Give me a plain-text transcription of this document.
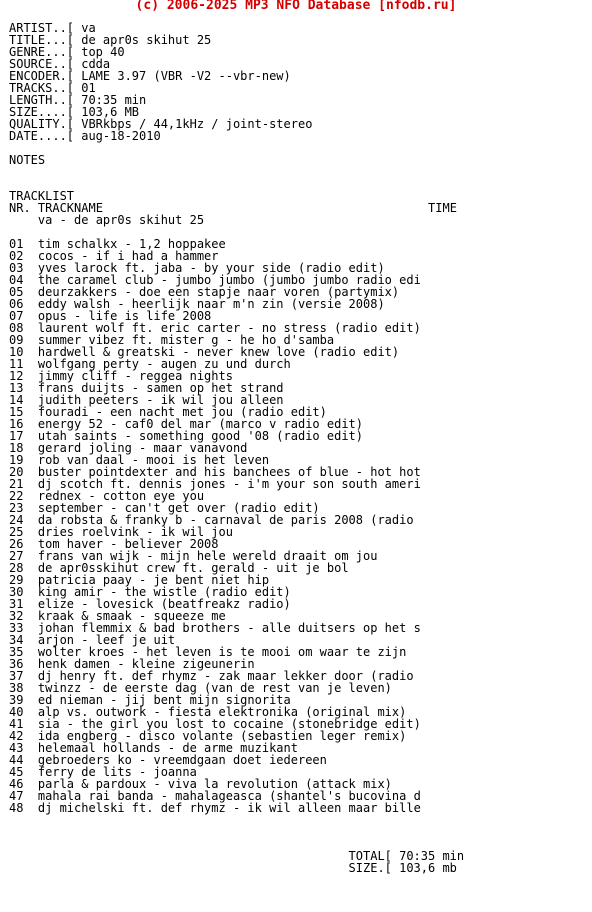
(c) 2006-2025 MP3 NFO Database [nfodb.ru]
ARTIST..[ va
TITLE...[ de apr0s skihut 25
GENRE...[ top 40
SOURCE..[ cdda
ENCODER.[ LAME 3.97 (VBR -V2 --vbr-new)
TRACKS..[ 01
LENGTH..[ 70:35 min
SIZE....[ 103,6 MB
QUALITY.[ VBRkbps / 44,1kHz / joint-stereo
DATE....[ aug-18-2010
NOTES
TRACKLIST
NR. TRACKNAME	TIME
va - de apr0s skihut 25
01 tim schalkx - 1,2 hoppakee
02 cocos - if i had a hammer
03 yves larock ft. jaba - by your side (radio edit)
04 the caramel club - jumbo jumbo (jumbo jumbo radio edi
05 deurzakkers - doe een stapje naar voren (partymix)
06 eddy walsh - heerlijk naar m'n zin (versie 2008)
07 opus - life is life 2008
08 laurent wolf ft. eric carter - no stress (radio edit)
09 summer vibez ft. mister g - he ho d'samba
10 hardwell & greatski - never knew love (radio edit)
11 wolfgang perty - augen zu und durch
12 jimmy cliff - reggea nights
13 frans duijts - samen op het strand
14 judith peeters - ik wil jou alleen
15 fouradi - een nacht met jou (radio edit)
16 energy 52 - caf0 del mar (marco v radio edit)
17 utah saints - something good '08 (radio edit)
18 gerard joling - maar vanavond
19 rob van daal - mooi is het leven
20 buster pointdexter and his banchees of blue - hot hot
21 dj scotch ft. dennis jones - i'm your son south ameri
22 rednex - cotton eye you
23 september - can't get over (radio edit)
24 da robsta & franky b - carnaval de paris 2008 (radio
25 dries roelvink - ik wil jou
26 tom haver - believer 2008
27 frans van wijk - mijn hele wereld draait om jou
28 de apr0sskihut crew ft. gerald - uit je bol
29 patricia paay - je bent niet hip
30 king amir - the wistle (radio edit)
31 elize - lovesick (beatfreakz radio)
32 kraak & smaak - squeeze me
33 johan flemmix & bad brothers - alle duitsers op het s
34 arjon - leef je uit
35 wolter kroes - het leven is te mooi om waar te zijn
36 henk damen - kleine zigeunerin
37 dj henry ft. def rhymz - zak maar lekker door (radio
38 twinzz - de eerste dag (van de rest van je leven)
39 ed nieman - jij bent mijn signorita
40 alp vs. outwork - fiesta elektronika (original mix)
41 sia - the girl you lost to cocaine (stonebridge edit)
42 ida engberg - disco volante (sebastien leger remix)
43 helemaal hollands - de arme muzikant
44 gebroeders ko - vreemdgaan doet iedereen
45 ferry de lits - joanna
46 parla & pardoux - viva la revolution (attack mix)
47 mahala rai banda - mahalageasca (shantel's bucovina d
48 dj michelski ft. def rhymz - ik wil alleen maar bille
TOTAL[ 70:35 min
SIZE.[ 103,6 mb
